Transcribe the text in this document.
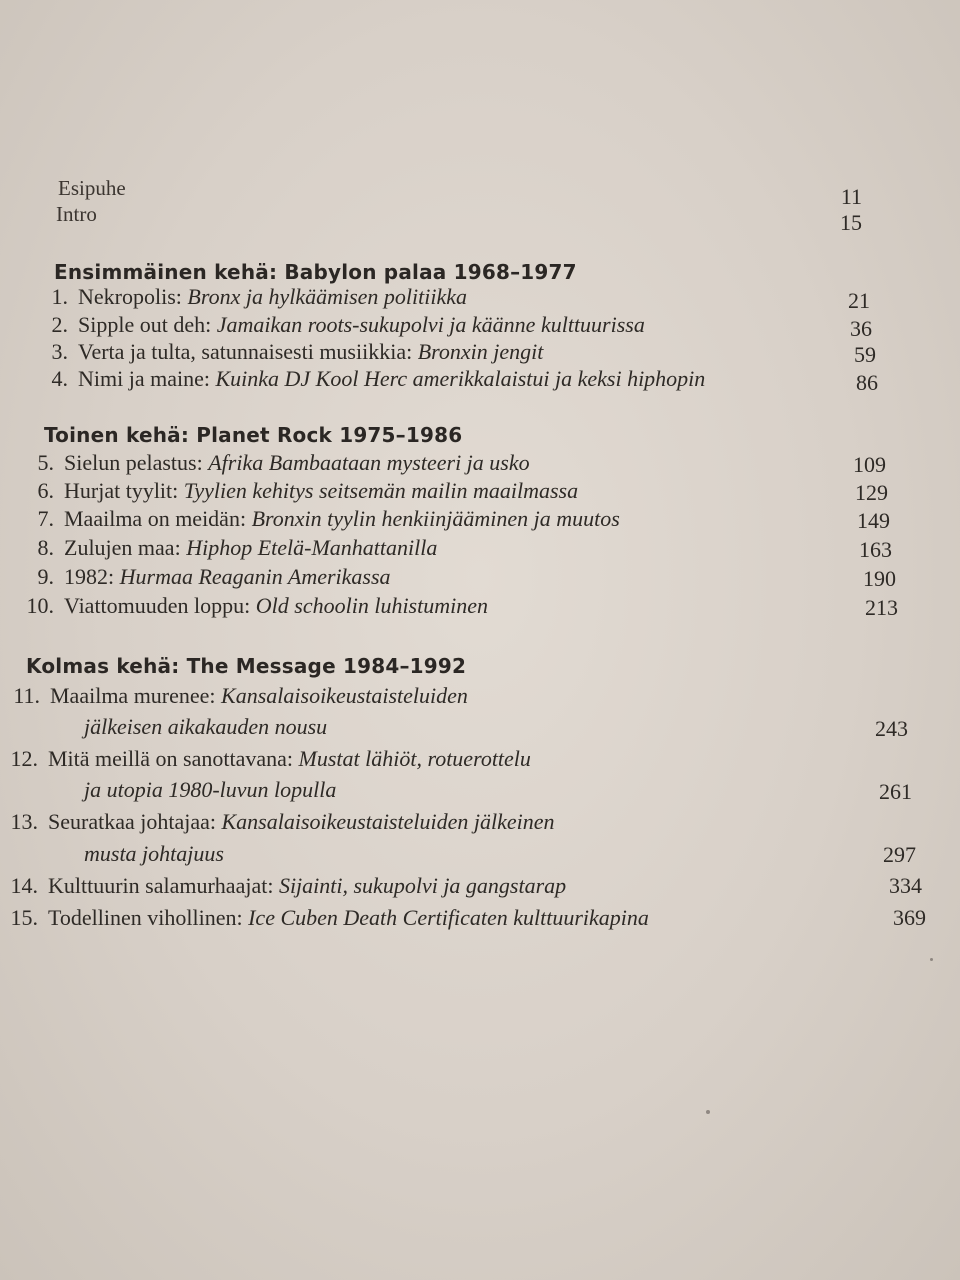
Esipuhe	11
Intro	15
Ensimmäinen kehä: Babylon palaa 1968–1977
1. Nekropolis: Bronx ja hylkäämisen politiikka	21
2. Sipple out deh: Jamaikan roots-sukupolvi ja käänne kulttuurissa	36
3. Verta ja tulta, satunnaisesti musiikkia: Bronxin jengit	59
4. Nimi ja maine: Kuinka DJ Kool Herc amerikkalaistui ja keksi hiphopin	86
Toinen kehä: Planet Rock 1975–1986
5. Sielun pelastus: Afrika Bambaataan mysteeri ja usko	109
6. Hurjat tyylit: Tyylien kehitys seitsemän mailin maailmassa	129
7. Maailma on meidän: Bronxin tyylin henkiinjääminen ja muutos	149
8. Zulujen maa: Hiphop Etelä-Manhattanilla	163
9. 1982: Hurmaa Reaganin Amerikassa	190
10. Viattomuuden loppu: Old schoolin luhistuminen	213
Kolmas kehä: The Message 1984–1992
11. Maailma murenee: Kansalaisoikeustaisteluiden
jälkeisen aikakauden nousu	243
12. Mitä meillä on sanottavana: Mustat lähiöt, rotuerottelu
ja utopia 1980-luvun lopulla	261
13. Seuratkaa johtajaa: Kansalaisoikeustaisteluiden jälkeinen
musta johtajuus	297
14. Kulttuurin salamurhaajat: Sijainti, sukupolvi ja gangstarap	334
15. Todellinen vihollinen: Ice Cuben Death Certificaten kulttuurikapina	369
